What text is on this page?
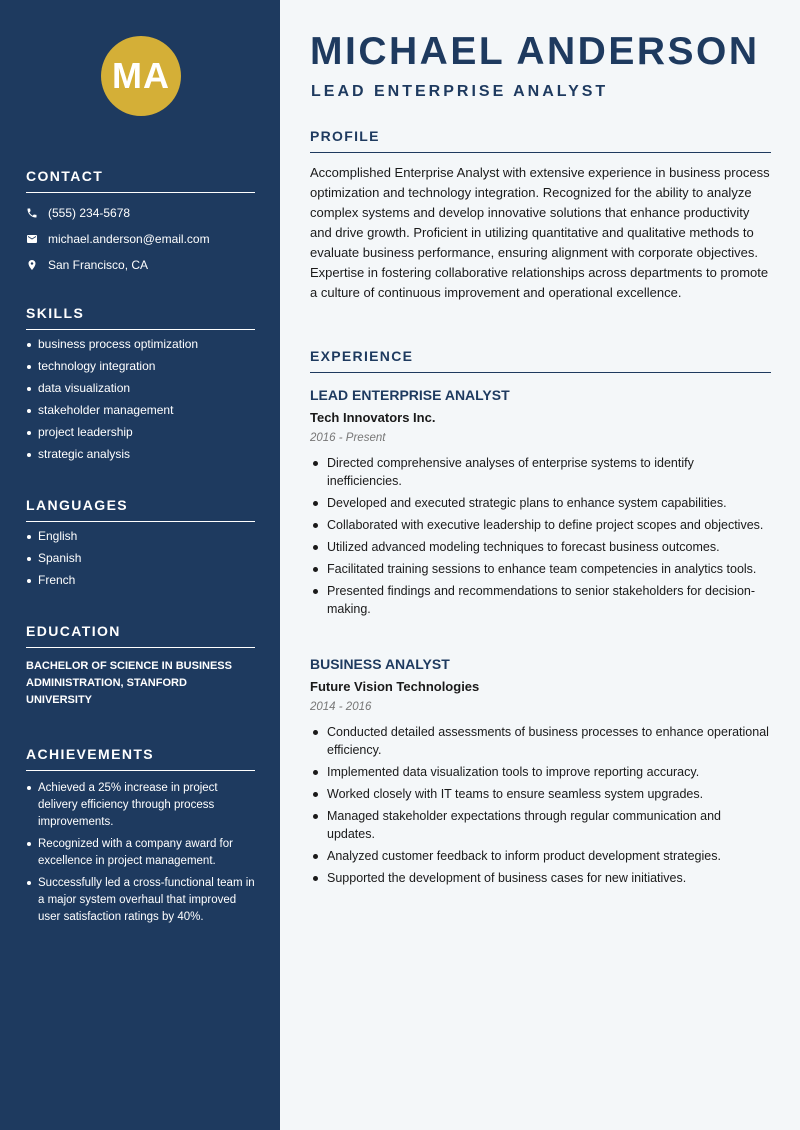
MA
CONTACT
(555) 234-5678
michael.anderson@email.com
San Francisco, CA
SKILLS
business process optimization
technology integration
data visualization
stakeholder management
project leadership
strategic analysis
LANGUAGES
English
Spanish
French
EDUCATION
BACHELOR OF SCIENCE IN BUSINESS ADMINISTRATION, STANFORD UNIVERSITY
ACHIEVEMENTS
Achieved a 25% increase in project delivery efficiency through process improvements.
Recognized with a company award for excellence in project management.
Successfully led a cross-functional team in a major system overhaul that improved user satisfaction ratings by 40%.
MICHAEL ANDERSON
LEAD ENTERPRISE ANALYST
PROFILE

Accomplished Enterprise Analyst with extensive experience in business process optimization and technology integration. Recognized for the ability to analyze complex systems and develop innovative solutions that enhance productivity and drive growth. Proficient in utilizing quantitative and qualitative methods to evaluate business performance, ensuring alignment with corporate objectives. Expertise in fostering collaborative relationships across departments to promote a culture of continuous improvement and operational excellence.

EXPERIENCE
LEAD ENTERPRISE ANALYST
Tech Innovators Inc.
2016 - Present
Directed comprehensive analyses of enterprise systems to identify inefficiencies.
Developed and executed strategic plans to enhance system capabilities.
Collaborated with executive leadership to define project scopes and objectives.
Utilized advanced modeling techniques to forecast business outcomes.
Facilitated training sessions to enhance team competencies in analytics tools.
Presented findings and recommendations to senior stakeholders for decision-making.
BUSINESS ANALYST
Future Vision Technologies
2014 - 2016
Conducted detailed assessments of business processes to enhance operational efficiency.
Implemented data visualization tools to improve reporting accuracy.
Worked closely with IT teams to ensure seamless system upgrades.
Managed stakeholder expectations through regular communication and updates.
Analyzed customer feedback to inform product development strategies.
Supported the development of business cases for new initiatives.
